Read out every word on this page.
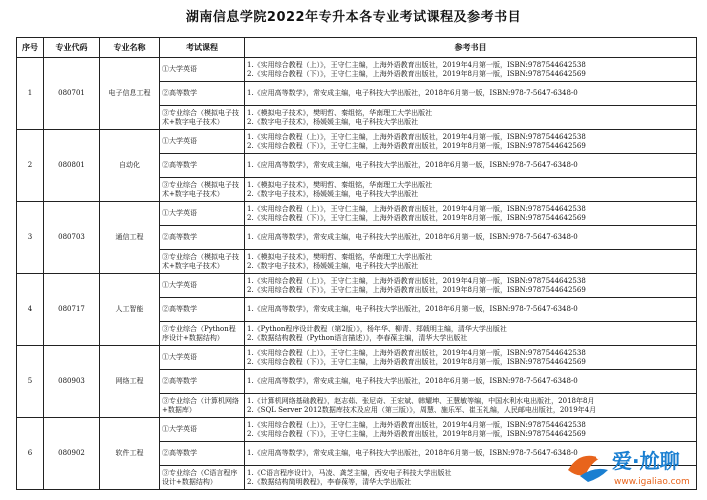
湖南信息学院2022年专升本各专业考试课程及参考书目
序号	专业代码	专业名称	考试课程	参考书目
1	080701	电子信息工程	①大学英语	1.《实用综合教程（上）》，王守仁主编，上海外语教育出版社，2019年4月第一版，ISBN:9787544642538
2.《实用综合教程（下）》，王守仁主编，上海外语教育出版社，2019年8月第一版，ISBN:9787544642569

			②高等数学	1.《应用高等数学》，常安成主编，电子科技大学出版社，2018年6月第一版，ISBN:978-7-5647-6348-0

			③专业综合（模拟电子技术+数字电子技术）	1.《模拟电子技术》，樊明哲、秦组铭，华南理工大学出版社
2.《数字电子技术》，杨媛媛主编，电子科技大学出版社

2	080801	自动化	①大学英语	1.《实用综合教程（上）》，王守仁主编，上海外语教育出版社，2019年4月第一版，ISBN:9787544642538
2.《实用综合教程（下）》，王守仁主编，上海外语教育出版社，2019年8月第一版，ISBN:9787544642569

			②高等数学	1.《应用高等数学》，常安成主编，电子科技大学出版社，2018年6月第一版，ISBN:978-7-5647-6348-0

			③专业综合（模拟电子技术+数字电子技术）	1.《模拟电子技术》，樊明哲、秦组铭，华南理工大学出版社
2.《数字电子技术》，杨媛媛主编，电子科技大学出版社

3	080703	通信工程	①大学英语	1.《实用综合教程（上）》，王守仁主编，上海外语教育出版社，2019年4月第一版，ISBN:9787544642538
2.《实用综合教程（下）》，王守仁主编，上海外语教育出版社，2019年8月第一版，ISBN:9787544642569

			②高等数学	1.《应用高等数学》，常安成主编，电子科技大学出版社，2018年6月第一版，ISBN:978-7-5647-6348-0

			③专业综合（模拟电子技术+数字电子技术）	1.《模拟电子技术》，樊明哲、秦组铭，华南理工大学出版社
2.《数字电子技术》，杨媛媛主编，电子科技大学出版社

4	080717	人工智能	①大学英语	1.《实用综合教程（上）》，王守仁主编，上海外语教育出版社，2019年4月第一版，ISBN:9787544642538
2.《实用综合教程（下）》，王守仁主编，上海外语教育出版社，2019年8月第一版，ISBN:9787544642569

			②高等数学	1.《应用高等数学》，常安成主编，电子科技大学出版社，2018年6月第一版，ISBN:978-7-5647-6348-0

			③专业综合（Python程序设计+数据结构）	1.《Python程序设计教程（第2版）》，杨年华、柳青、郑戟明主编，清华大学出版社
2.《数据结构教程（Python语言描述）》，李春葆主编，清华大学出版社

5	080903	网络工程	①大学英语	1.《实用综合教程（上）》，王守仁主编，上海外语教育出版社，2019年4月第一版，ISBN:9787544642538
2.《实用综合教程（下）》，王守仁主编，上海外语教育出版社，2019年8月第一版，ISBN:9787544642569

			②高等数学	1.《应用高等数学》，常安成主编，电子科技大学出版社，2018年6月第一版，ISBN:978-7-5647-6348-0

			③专业综合（计算机网络+数据库）	1.《计算机网络基础教程》，赵志茹、张尼奇、王宏斌、韩耀坤、王慧敏等编，中国水利水电出版社，2018年8月
2.《SQL Server 2012数据库技术及应用（第三版）》，周慧、施乐军、崔玉礼编，人民邮电出版社，2019年4月

6	080902	软件工程	①大学英语	1.《实用综合教程（上）》，王守仁主编，上海外语教育出版社，2019年4月第一版，ISBN:9787544642538
2.《实用综合教程（下）》，王守仁主编，上海外语教育出版社，2019年8月第一版，ISBN:9787544642569

			②高等数学	1.《应用高等数学》，常安成主编，电子科技大学出版社，2018年6月第一版，ISBN:978-7-5647-6348-0

			③专业综合（C语言程序设计+数据结构）	1.《C语言程序设计》，马凌、龚芝主编，西安电子科技大学出版社
2.《数据结构简明教程》，李春葆等，清华大学出版社
爱·尬聊
www.igaliao.com
